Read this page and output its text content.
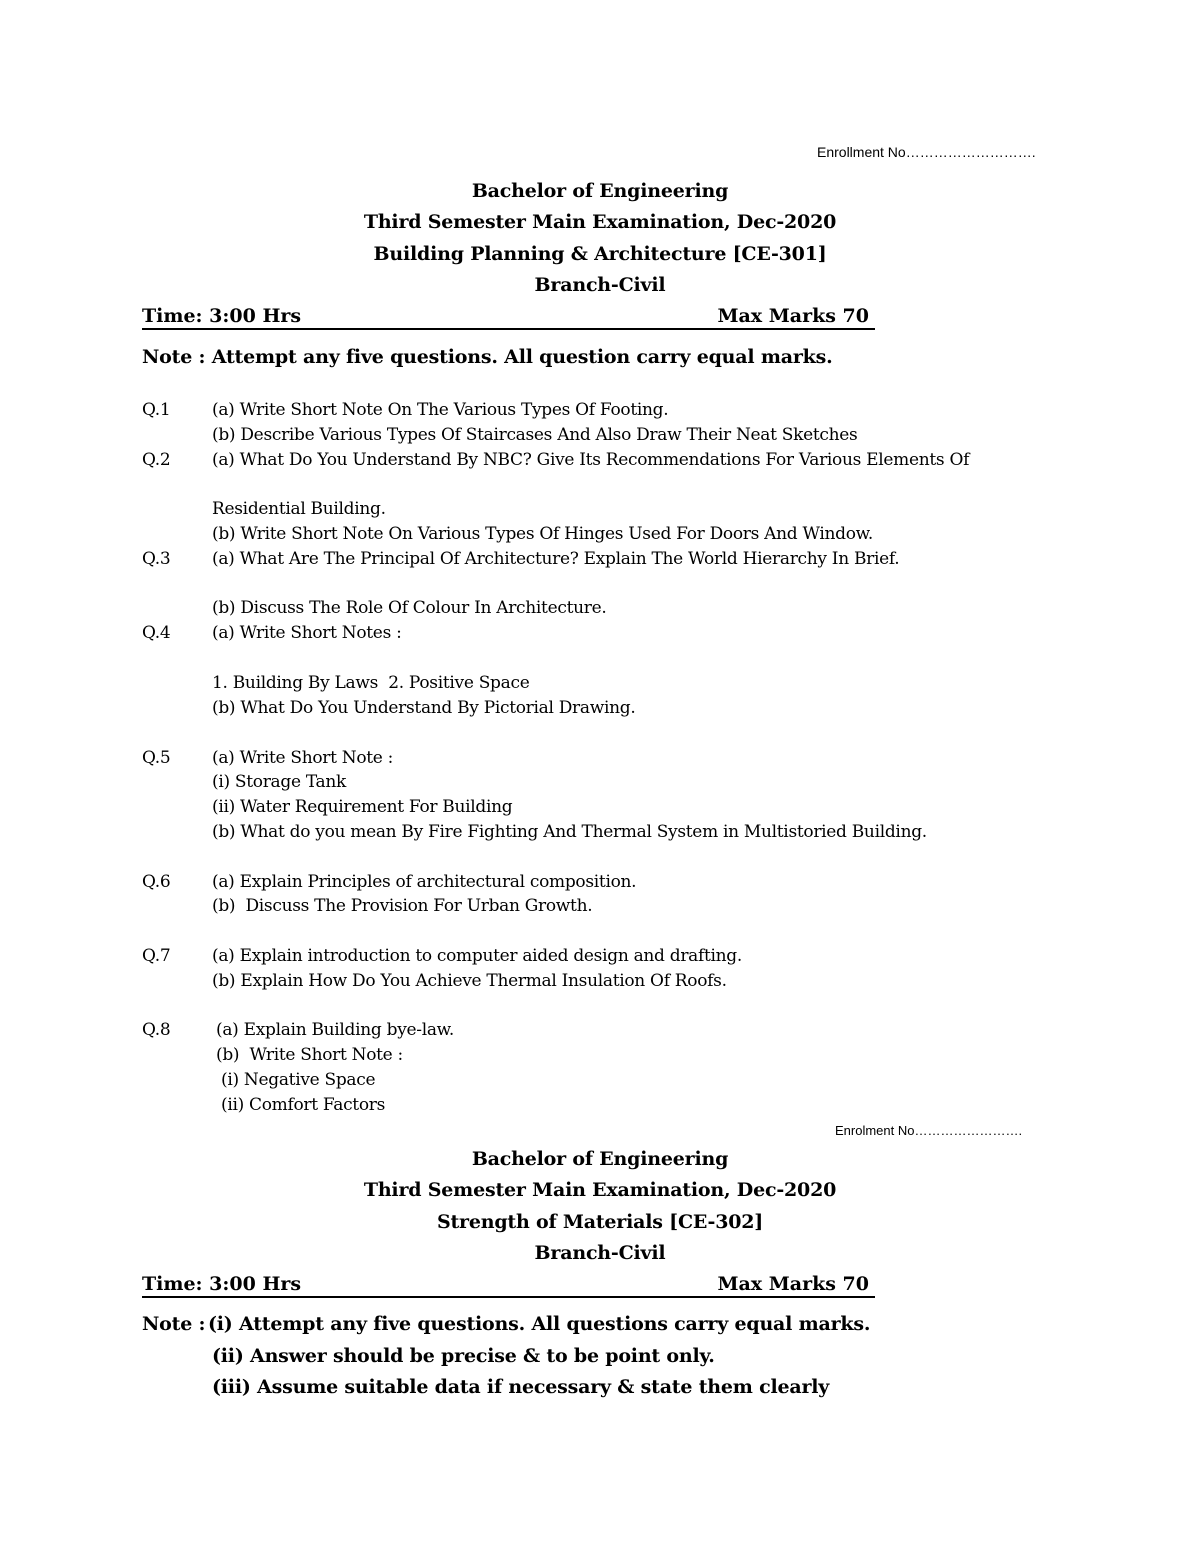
Enrollment No……………………….
Bachelor of Engineering
Third Semester Main Examination, Dec-2020
Building Planning & Architecture [CE-301]
Branch-Civil

Time: 3:00 Hrs

	Max Marks 70

Note : Attempt any five questions. All question carry equal marks.
Q.1 (a) Write Short Note On The Various Types Of Footing.
(b) Describe Various Types Of Staircases And Also Draw Their Neat Sketches
Q.2 (a) What Do You Understand By NBC? Give Its Recommendations For Various Elements Of
Residential Building.
(b) Write Short Note On Various Types Of Hinges Used For Doors And Window.
Q.3 (a) What Are The Principal Of Architecture? Explain The World Hierarchy In Brief.
(b) Discuss The Role Of Colour In Architecture.
Q.4 (a) Write Short Notes :
1. Building By Laws  2. Positive Space
(b) What Do You Understand By Pictorial Drawing.
Q.5 (a) Write Short Note :
(i) Storage Tank
(ii) Water Requirement For Building
(b) What do you mean By Fire Fighting And Thermal System in Multistoried Building.
Q.6 (a) Explain Principles of architectural composition.
(b)  Discuss The Provision For Urban Growth.
Q.7 (a) Explain introduction to computer aided design and drafting.
(b) Explain How Do You Achieve Thermal Insulation Of Roofs.
Q.8	(a) Explain Building bye-law.
(b)  Write Short Note :
(i) Negative Space
(ii) Comfort Factors
Enrolment No…………………….
Bachelor of Engineering
Third Semester Main Examination, Dec-2020
Strength of Materials [CE-302]
Branch-Civil

Time: 3:00 Hrs

	Max Marks 70

Note : (i) Attempt any five questions. All questions carry equal marks.
(ii) Answer should be precise & to be point only.
(iii) Assume suitable data if necessary & state them clearly
